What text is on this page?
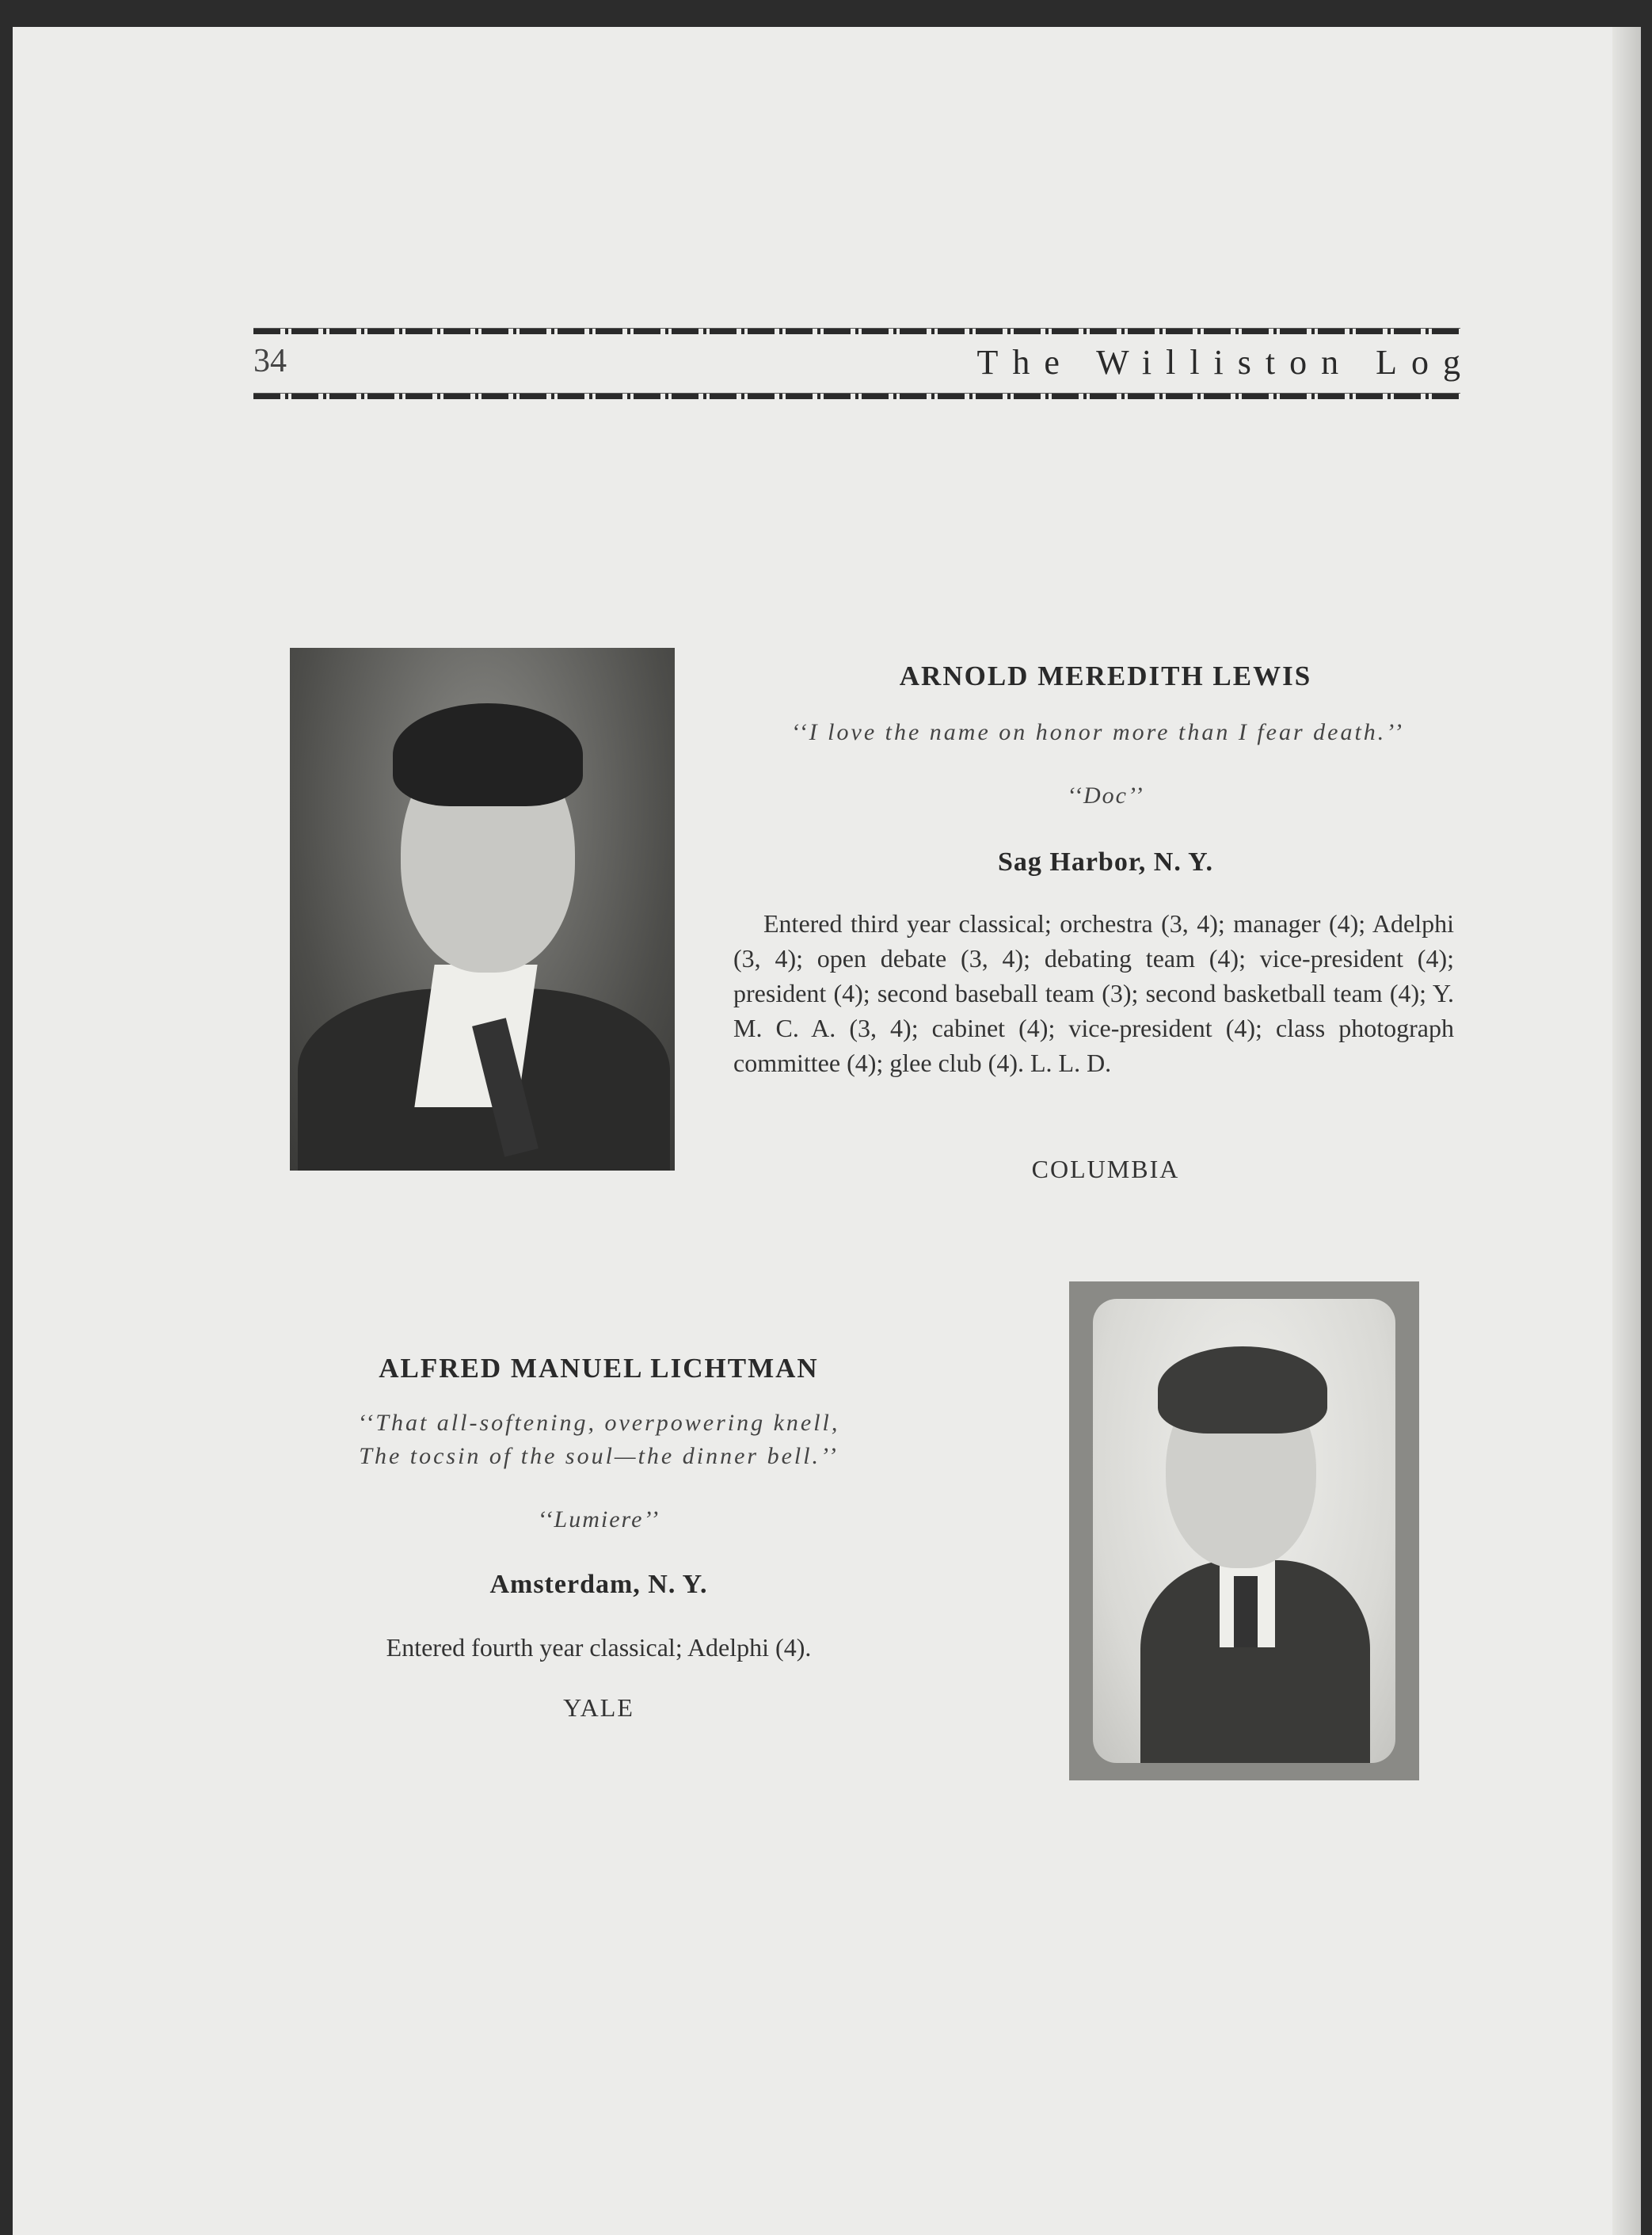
34	The Williston Log
ARNOLD MEREDITH LEWIS
‘‘I love the name on honor more than I fear death.’’
‘‘Doc’’
Sag Harbor, N. Y.
Entered third year classical; orchestra (3, 4); manager (4); Adelphi (3, 4); open debate (3, 4); debating team (4); vice-president (4); president (4); second baseball team (3); second basketball team (4); Y. M. C. A. (3, 4); cabinet (4); vice-president (4); class photograph committee (4); glee club (4). L. L. D.
COLUMBIA
ALFRED MANUEL LICHTMAN
‘‘That all-softening, overpowering knell,
The tocsin of the soul—the dinner bell.’’
‘‘Lumiere’’
Amsterdam, N. Y.
Entered fourth year classical; Adelphi (4).
YALE
